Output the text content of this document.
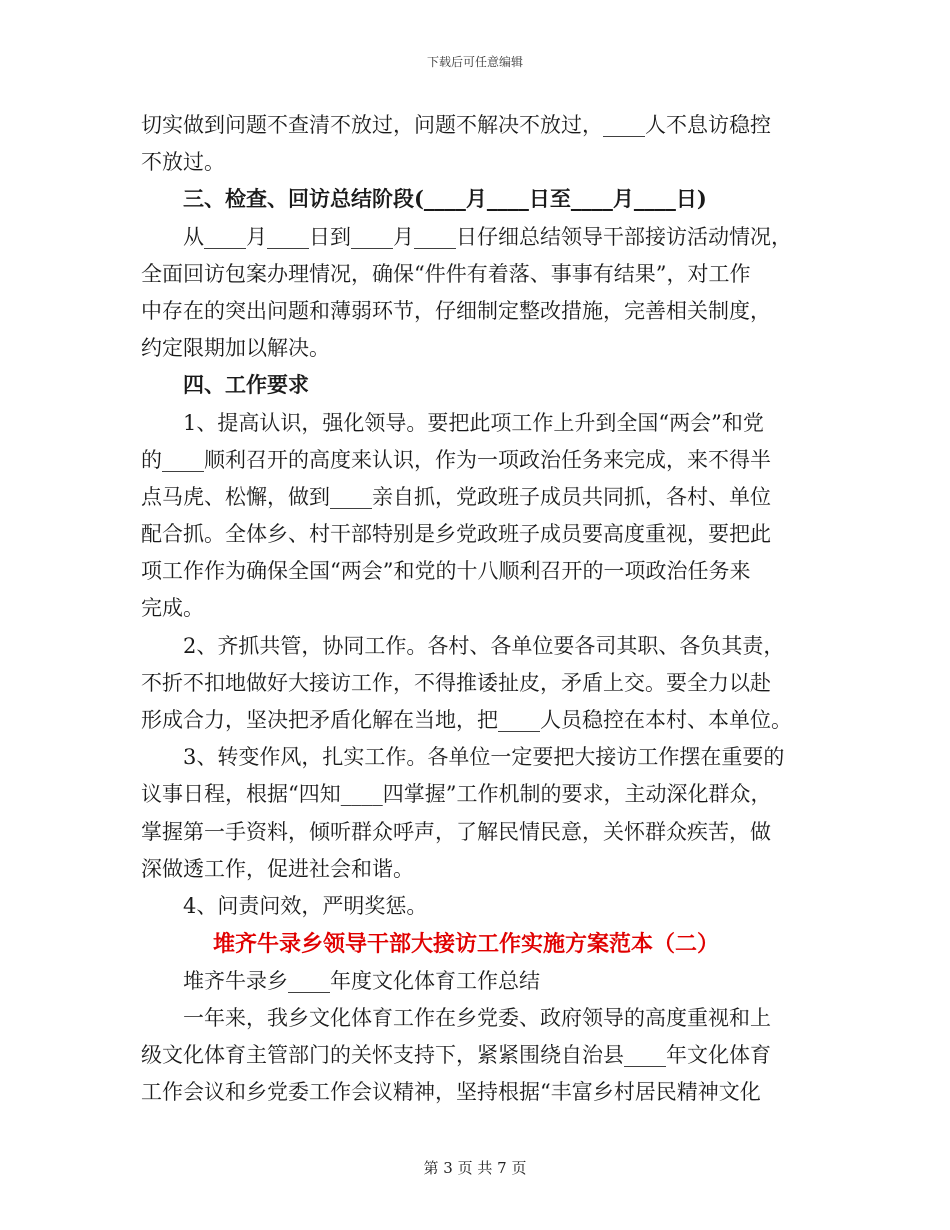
下载后可任意编辑
切实做到问题不查清不放过，问题不解决不放过，____人不息访稳控
不放过。
三、检查、回访总结阶段(____月____日至____月____日)
从____月____日到____月____日仔细总结领导干部接访活动情况，
全面回访包案办理情况，确保“件件有着落、事事有结果”，对工作
中存在的突出问题和薄弱环节，仔细制定整改措施，完善相关制度，
约定限期加以解决。
四、工作要求
1、提高认识，强化领导。要把此项工作上升到全国“两会”和党
的____顺利召开的高度来认识，作为一项政治任务来完成，来不得半
点马虎、松懈，做到____亲自抓，党政班子成员共同抓，各村、单位
配合抓。全体乡、村干部特别是乡党政班子成员要高度重视，要把此
项工作作为确保全国“两会”和党的十八顺利召开的一项政治任务来
完成。
2、齐抓共管，协同工作。各村、各单位要各司其职、各负其责，
不折不扣地做好大接访工作，不得推诿扯皮，矛盾上交。要全力以赴
形成合力，坚决把矛盾化解在当地，把____人员稳控在本村、本单位。
3、转变作风，扎实工作。各单位一定要把大接访工作摆在重要的
议事日程，根据“四知____四掌握”工作机制的要求，主动深化群众，
掌握第一手资料，倾听群众呼声，了解民情民意，关怀群众疾苦，做
深做透工作，促进社会和谐。
4、问责问效，严明奖惩。
堆齐牛录乡领导干部大接访工作实施方案范本（二）
堆齐牛录乡____年度文化体育工作总结
一年来，我乡文化体育工作在乡党委、政府领导的高度重视和上
级文化体育主管部门的关怀支持下，紧紧围绕自治县____年文化体育
工作会议和乡党委工作会议精神，坚持根据“丰富乡村居民精神文化
第 3 页 共 7 页
